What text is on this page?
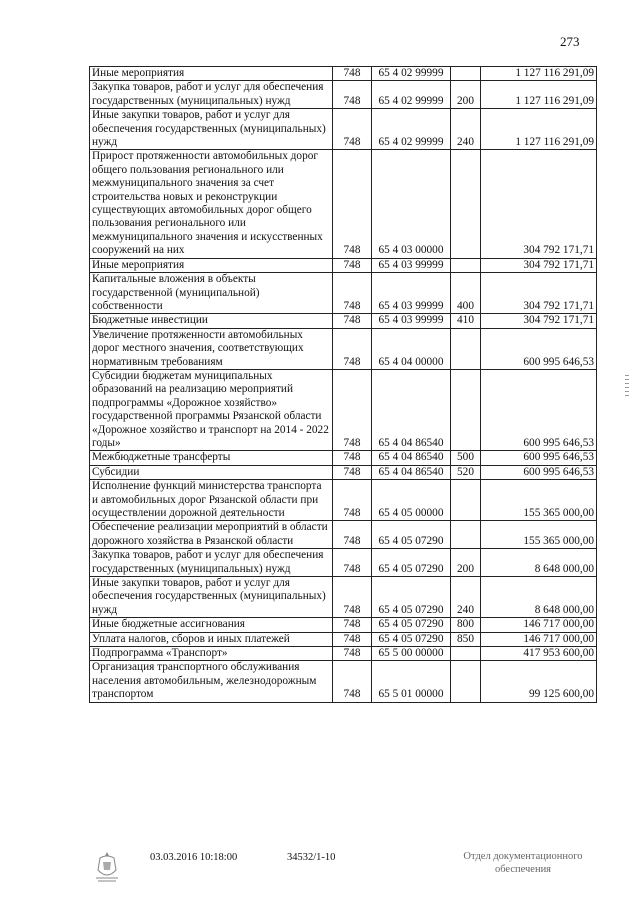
273
Иные мероприятия	748	65 4 02 99999		1 127 116 291,09
Закупка товаров, работ и услуг для обеспечения государственных (муниципальных) нужд	748	65 4 02 99999	200	1 127 116 291,09
Иные закупки товаров, работ и услуг для обеспечения государственных (муниципальных) нужд	748	65 4 02 99999	240	1 127 116 291,09
Прирост протяженности автомобильных дорог общего пользования регионального или межмуниципального значения за счет строительства новых и реконструкции существующих автомобильных дорог общего пользования регионального или межмуниципального значения и искусственных сооружений на них	748	65 4 03 00000		304 792 171,71
Иные мероприятия	748	65 4 03 99999		304 792 171,71
Капитальные вложения в объекты государственной (муниципальной) собственности	748	65 4 03 99999	400	304 792 171,71
Бюджетные инвестиции	748	65 4 03 99999	410	304 792 171,71
Увеличение протяженности автомобильных дорог местного значения, соответствующих нормативным требованиям	748	65 4 04 00000		600 995 646,53
Субсидии бюджетам муниципальных образований на реализацию мероприятий подпрограммы «Дорожное хозяйство» государственной программы Рязанской области «Дорожное хозяйство и транспорт на 2014 - 2022 годы»	748	65 4 04 86540		600 995 646,53
Межбюджетные трансферты	748	65 4 04 86540	500	600 995 646,53
Субсидии	748	65 4 04 86540	520	600 995 646,53
Исполнение функций министерства транспорта и автомобильных дорог Рязанской области при осуществлении дорожной деятельности	748	65 4 05 00000		155 365 000,00
Обеспечение реализации мероприятий в области дорожного хозяйства в Рязанской области	748	65 4 05 07290		155 365 000,00
Закупка товаров, работ и услуг для обеспечения государственных (муниципальных) нужд	748	65 4 05 07290	200	8 648 000,00
Иные закупки товаров, работ и услуг для обеспечения государственных (муниципальных) нужд	748	65 4 05 07290	240	8 648 000,00
Иные бюджетные ассигнования	748	65 4 05 07290	800	146 717 000,00
Уплата налогов, сборов и иных платежей	748	65 4 05 07290	850	146 717 000,00
Подпрограмма «Транспорт»	748	65 5 00 00000		417 953 600,00
Организация транспортного обслуживания населения автомобильным, железнодорожным транспортом	748	65 5 01 00000		99 125 600,00
03.03.2016 10:18:00	34532/1-10	Отдел документационного обеспечения
